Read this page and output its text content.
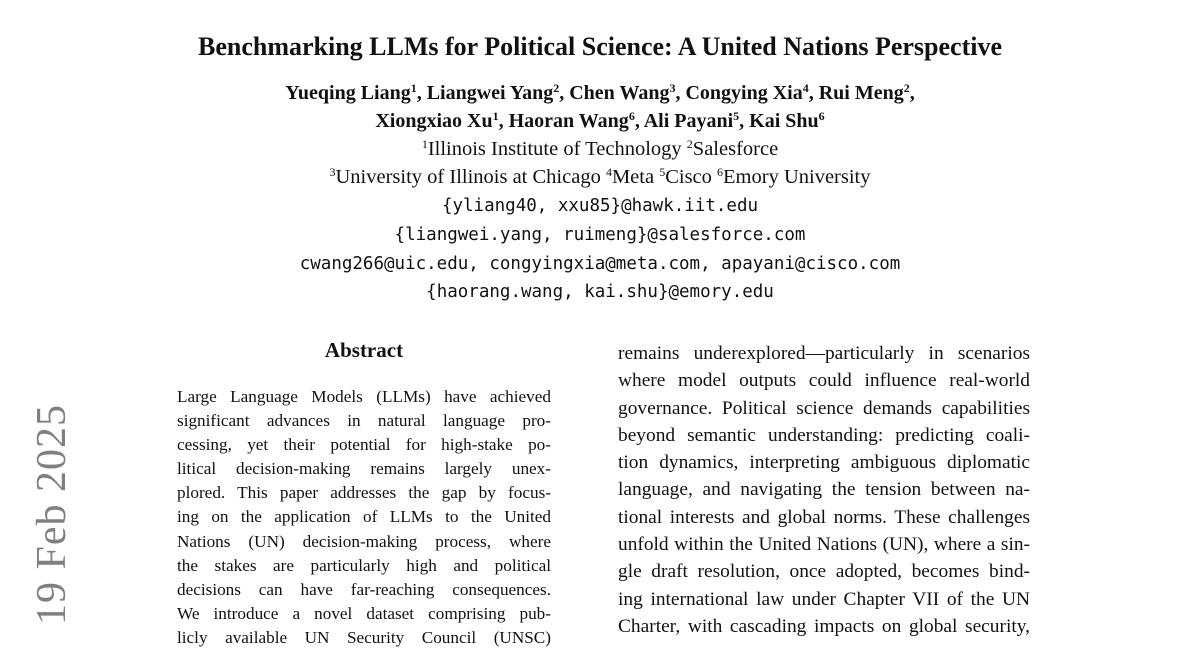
19 Feb 2025
Benchmarking LLMs for Political Science: A United Nations Perspective
Yueqing Liang$^1$, Liangwei Yang$^2$, Chen Wang$^3$, Congying Xia$^4$, Rui Meng$^2$,
Xiongxiao Xu$^1$, Haoran Wang$^6$, Ali Payani$^5$, Kai Shu$^6$
$^1$Illinois Institute of Technology $^2$Salesforce
$^3$University of Illinois at Chicago $^4$Meta $^5$Cisco $^6$Emory University
{yliang40, xxu85}@hawk.iit.edu
{liangwei.yang, ruimeng}@salesforce.com
cwang266@uic.edu, congyingxia@meta.com, apayani@cisco.com
{haorang.wang, kai.shu}@emory.edu
Abstract
Large Language Models (LLMs) have achieved
significant advances in natural language pro-
cessing, yet their potential for high-stake po-
litical decision-making remains largely unex-
plored. This paper addresses the gap by focus-
ing on the application of LLMs to the United
Nations (UN) decision-making process, where
the stakes are particularly high and political
decisions can have far-reaching consequences.
We introduce a novel dataset comprising pub-
licly available UN Security Council (UNSC)
remains underexplored—particularly in scenarios
where model outputs could influence real-world
governance. Political science demands capabilities
beyond semantic understanding: predicting coali-
tion dynamics, interpreting ambiguous diplomatic
language, and navigating the tension between na-
tional interests and global norms. These challenges
unfold within the United Nations (UN), where a sin-
gle draft resolution, once adopted, becomes bind-
ing international law under Chapter VII of the UN
Charter, with cascading impacts on global security,
